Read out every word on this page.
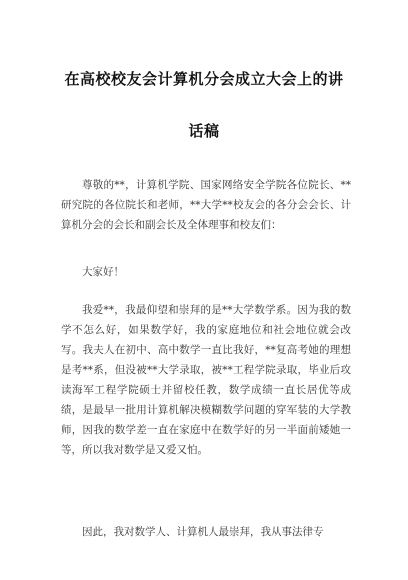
在高校校友会计算机分会成立大会上的讲
话稿
尊敬的**，计算机学院、国家网络安全学院各位院长、**研究院的各位院长和老师，**大学**校友会的各分会会长、计算机分会的会长和副会长及全体理事和校友们：
大家好！
我爱**，我最仰望和崇拜的是**大学数学系。因为我的数学不怎么好，如果数学好，我的家庭地位和社会地位就会改写。我夫人在初中、高中数学一直比我好，**复高考她的理想是考**系，但没被**大学录取，被**工程学院录取，毕业后攻读海军工程学院硕士并留校任教，数学成绩一直长居优等成绩，是最早一批用计算机解决模糊数学问题的穿军装的大学教师，因我的数学差一直在家庭中在数学好的另一半面前矮她一等，所以我对数学是又爱又怕。
因此，我对数学人、计算机人最崇拜，我从事法律专
